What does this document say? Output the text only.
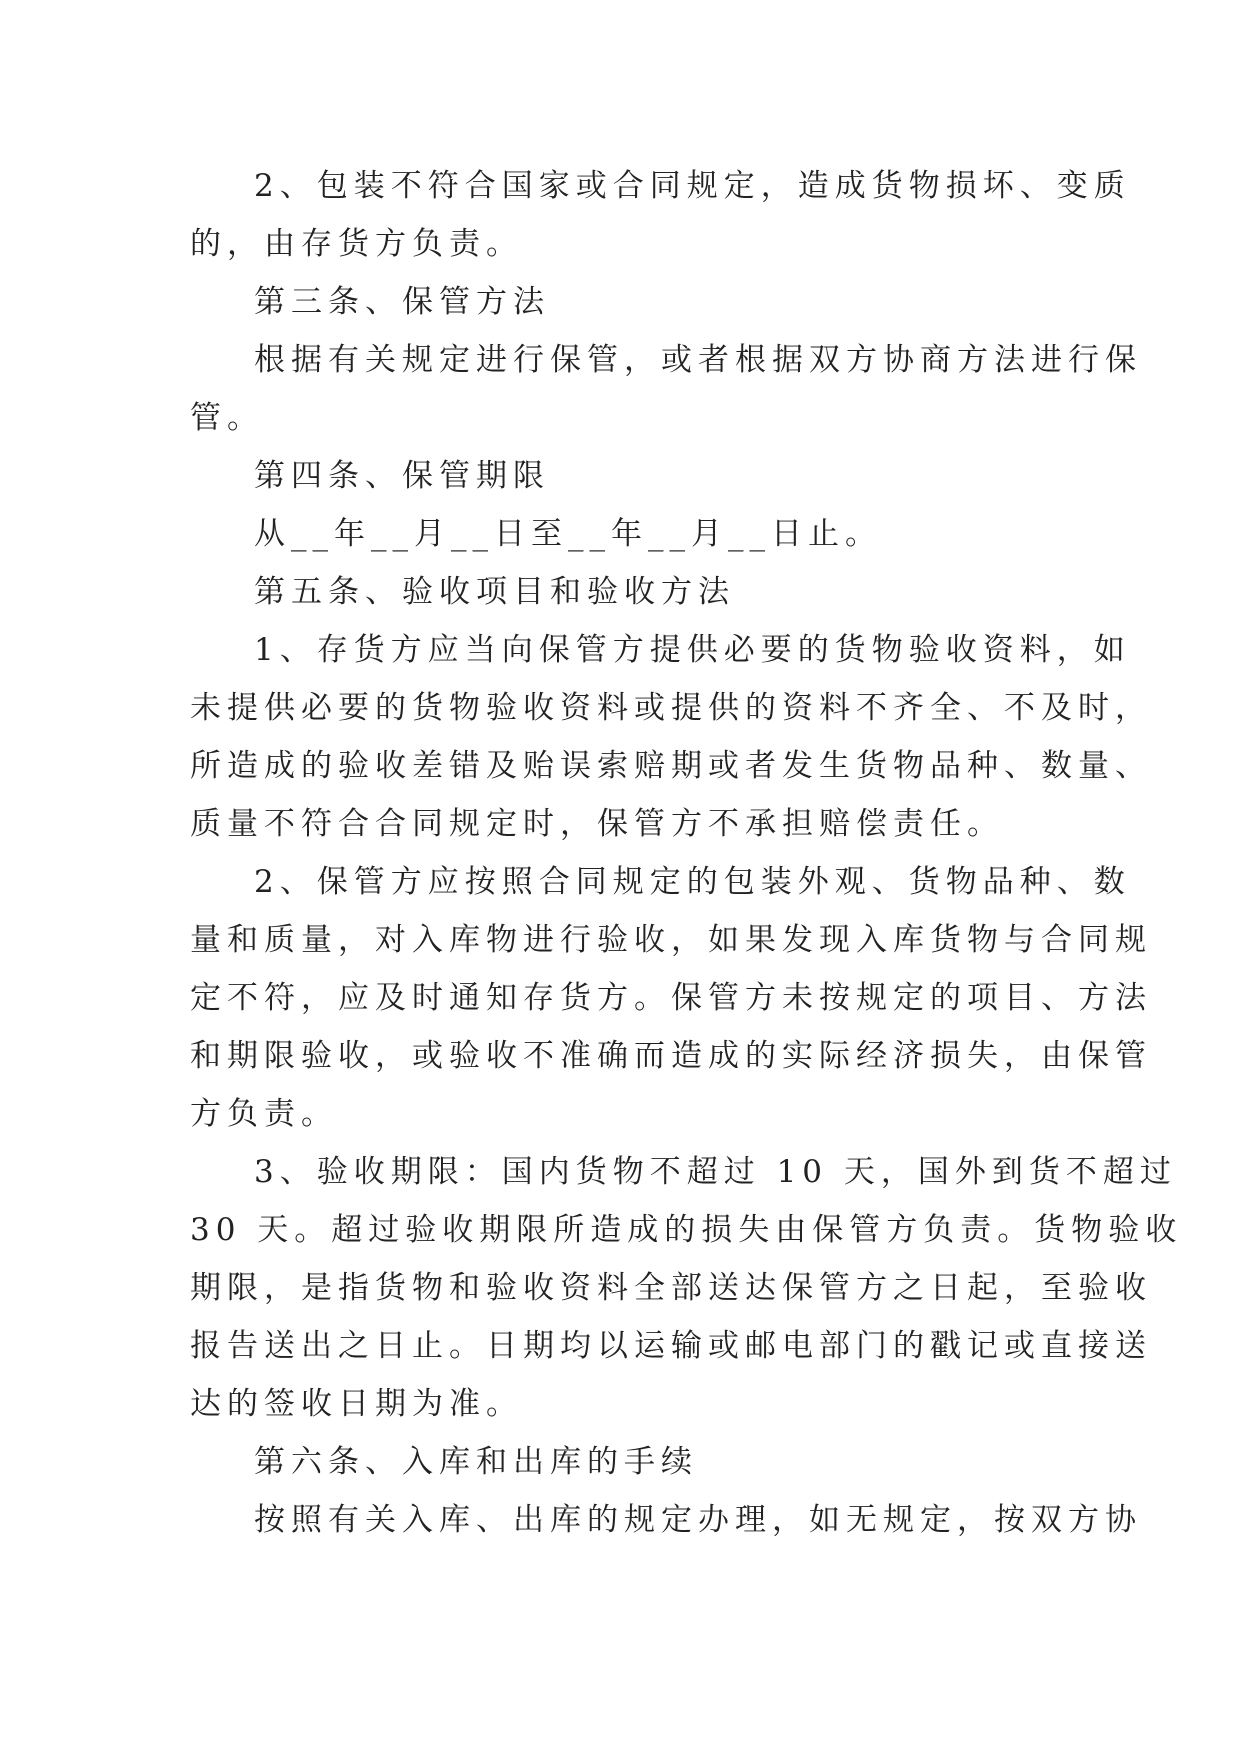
2、包装不符合国家或合同规定，造成货物损坏、变质
的，由存货方负责。
第三条、保管方法
根据有关规定进行保管，或者根据双方协商方法进行保
管。
第四条、保管期限
从__年__月__日至__年__月__日止。
第五条、验收项目和验收方法
1、存货方应当向保管方提供必要的货物验收资料，如
未提供必要的货物验收资料或提供的资料不齐全、不及时，
所造成的验收差错及贻误索赔期或者发生货物品种、数量、
质量不符合合同规定时，保管方不承担赔偿责任。
2、保管方应按照合同规定的包装外观、货物品种、数
量和质量，对入库物进行验收，如果发现入库货物与合同规
定不符，应及时通知存货方。保管方未按规定的项目、方法
和期限验收，或验收不准确而造成的实际经济损失，由保管
方负责。
3、验收期限：国内货物不超过 10 天，国外到货不超过
30 天。超过验收期限所造成的损失由保管方负责。货物验收
期限，是指货物和验收资料全部送达保管方之日起，至验收
报告送出之日止。日期均以运输或邮电部门的戳记或直接送
达的签收日期为准。
第六条、入库和出库的手续
按照有关入库、出库的规定办理，如无规定，按双方协
